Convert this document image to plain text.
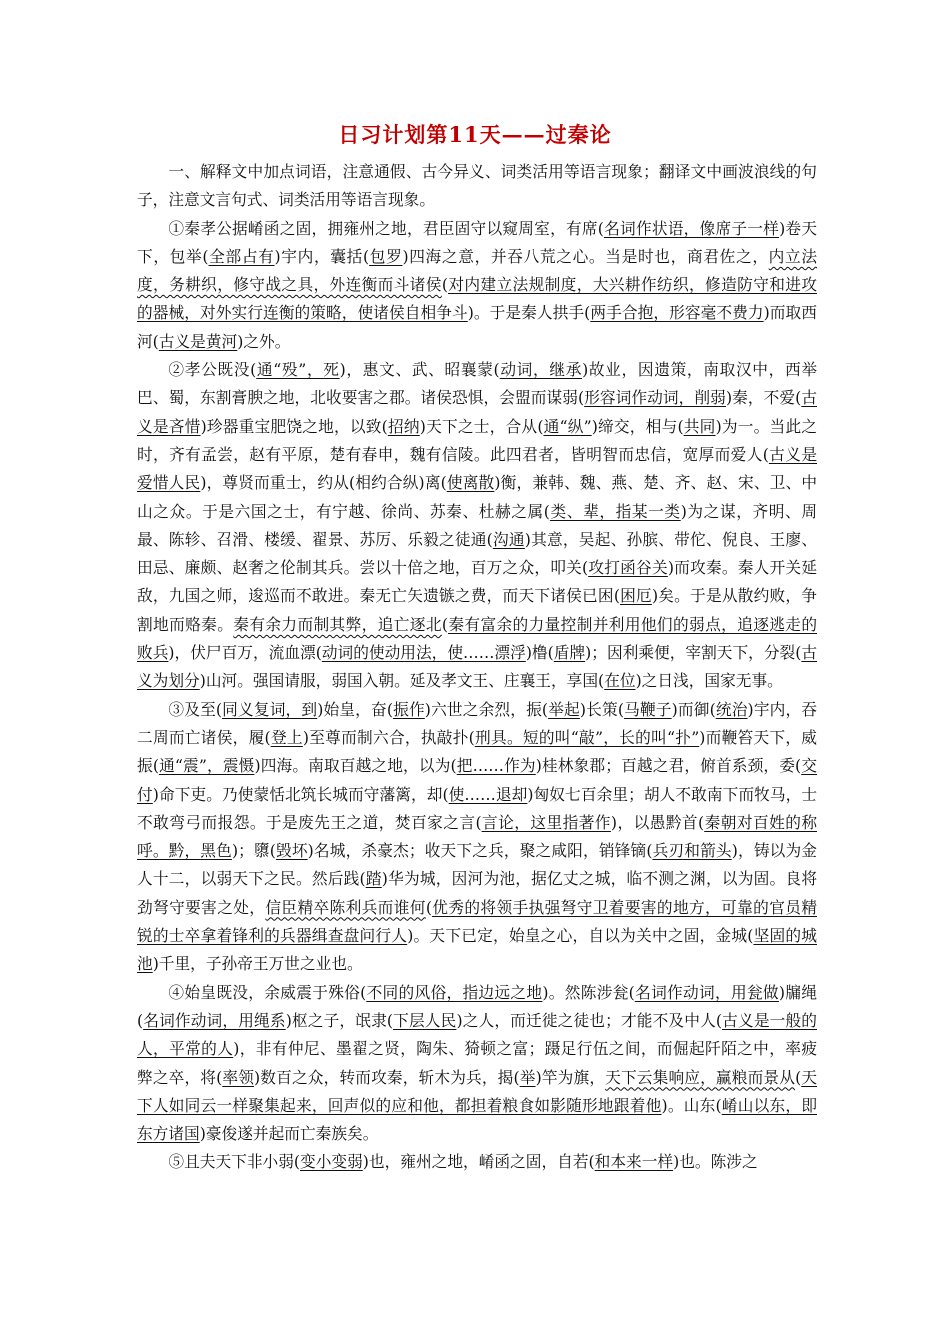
日习计划第11天——过秦论

一、解释文中加点词语，注意通假、古今异义、词类活用等语言现象；翻译文中画波浪线的句子，注意文言句式、词类活用等语言现象。

①秦孝公据崤函之固，拥雍州之地，君臣固守以窥周室，有席(名词作状语，像席子一样)卷天下，包举(全部占有)宇内，囊括(包罗)四海之意，并吞八荒之心。当是时也，商君佐之，内立法度，务耕织，修守战之具，外连衡而斗诸侯(对内建立法规制度，大兴耕作纺织，修造防守和进攻的器械，对外实行连衡的策略，使诸侯自相争斗)。于是秦人拱手(两手合抱，形容毫不费力)而取西河(古义是黄河)之外。

②孝公既没(通“殁”，死)，惠文、武、昭襄蒙(动词，继承)故业，因遗策，南取汉中，西举巴、蜀，东割膏腴之地，北收要害之郡。诸侯恐惧，会盟而谋弱(形容词作动词，削弱)秦，不爱(古义是吝惜)珍器重宝肥饶之地，以致(招纳)天下之士，合从(通“纵”)缔交，相与(共同)为一。当此之时，齐有孟尝，赵有平原，楚有春申，魏有信陵。此四君者，皆明智而忠信，宽厚而爱人(古义是爱惜人民)，尊贤而重士，约从(相约合纵)离(使离散)衡，兼韩、魏、燕、楚、齐、赵、宋、卫、中山之众。于是六国之士，有宁越、徐尚、苏秦、杜赫之属(类、辈，指某一类)为之谋，齐明、周最、陈轸、召滑、楼缓、翟景、苏厉、乐毅之徒通(沟通)其意，吴起、孙膑、带佗、倪良、王廖、田忌、廉颇、赵奢之伦制其兵。尝以十倍之地，百万之众，叩关(攻打函谷关)而攻秦。秦人开关延敌，九国之师，逡巡而不敢进。秦无亡矢遗镞之费，而天下诸侯已困(困厄)矣。于是从散约败，争割地而赂秦。秦有余力而制其弊，追亡逐北(秦有富余的力量控制并利用他们的弱点，追逐逃走的败兵)，伏尸百万，流血漂(动词的使动用法，使……漂浮)橹(盾牌)；因利乘便，宰割天下，分裂(古义为划分)山河。强国请服，弱国入朝。延及孝文王、庄襄王，享国(在位)之日浅，国家无事。

③及至(同义复词，到)始皇，奋(振作)六世之余烈，振(举起)长策(马鞭子)而御(统治)宇内，吞二周而亡诸侯，履(登上)至尊而制六合，执敲扑(刑具。短的叫“敲”，长的叫“扑”)而鞭笞天下，威振(通“震”，震慑)四海。南取百越之地，以为(把……作为)桂林象郡；百越之君，俯首系颈，委(交付)命下吏。乃使蒙恬北筑长城而守藩篱，却(使……退却)匈奴七百余里；胡人不敢南下而牧马，士不敢弯弓而报怨。于是废先王之道，焚百家之言(言论，这里指著作)，以愚黔首(秦朝对百姓的称呼。黔，黑色)；隳(毁坏)名城，杀豪杰；收天下之兵，聚之咸阳，销锋镝(兵刃和箭头)，铸以为金人十二，以弱天下之民。然后践(踏)华为城，因河为池，据亿丈之城，临不测之渊，以为固。良将劲弩守要害之处，信臣精卒陈利兵而谁何(优秀的将领手执强弩守卫着要害的地方，可靠的官员精锐的士卒拿着锋利的兵器缉查盘问行人)。天下已定，始皇之心，自以为关中之固，金城(坚固的城池)千里，子孙帝王万世之业也。

④始皇既没，余威震于殊俗(不同的风俗，指边远之地)。然陈涉瓮(名词作动词，用瓮做)牖绳(名词作动词，用绳系)枢之子，氓隶(下层人民)之人，而迁徙之徒也；才能不及中人(古义是一般的人，平常的人)，非有仲尼、墨翟之贤，陶朱、猗顿之富；蹑足行伍之间，而倔起阡陌之中，率疲弊之卒，将(率领)数百之众，转而攻秦，斩木为兵，揭(举)竿为旗，天下云集响应，赢粮而景从(天下人如同云一样聚集起来，回声似的应和他，都担着粮食如影随形地跟着他)。山东(崤山以东，即东方诸国)豪俊遂并起而亡秦族矣。

⑤且夫天下非小弱(变小变弱)也，雍州之地，崤函之固，自若(和本来一样)也。陈涉之
